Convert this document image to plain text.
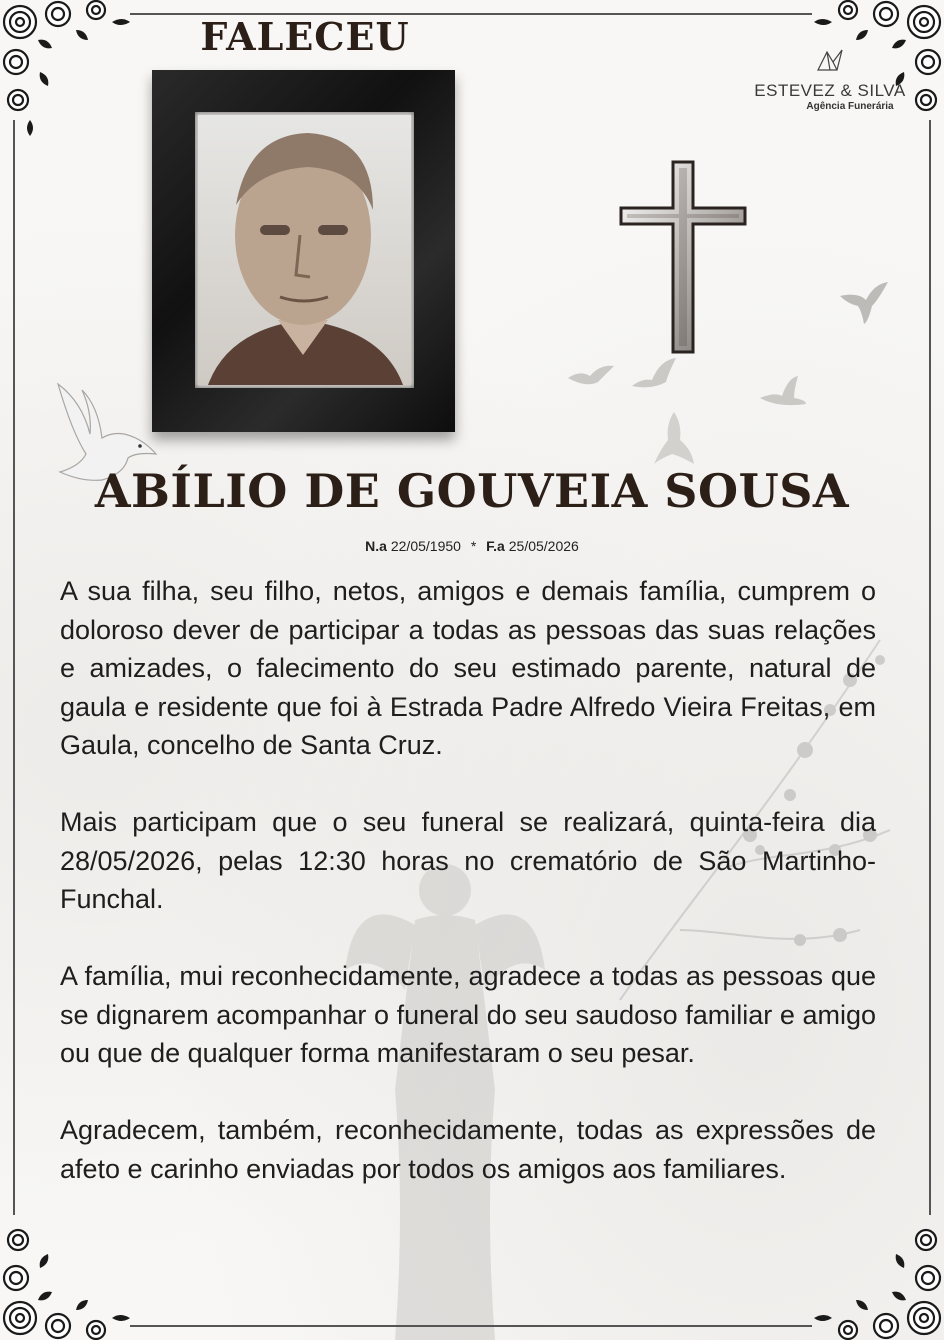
FALECEU
ESTEVEZ & SILVA
Agência Funerária
ABÍLIO DE GOUVEIA SOUSA
N.a 22/05/1950 * F.a 25/05/2026

A sua filha, seu filho, netos, amigos e demais família, cumprem o doloroso dever de participar a todas as pessoas das suas relações e amizades, o falecimento do seu estimado parente, natural de gaula e residente que foi à Estrada Padre Alfredo Vieira Freitas, em Gaula, concelho de Santa Cruz.

Mais participam que o seu funeral se realizará, quinta-feira dia 28/05/2026, pelas 12:30 horas no crematório de São Martinho- Funchal.

A família, mui reconhecidamente, agradece a todas as pessoas que se dignarem acompanhar o funeral do seu saudoso familiar e amigo ou que de qualquer forma manifestaram o seu pesar.

Agradecem, também, reconhecidamente, todas as expressões de afeto e carinho enviadas por todos os amigos aos familiares.
